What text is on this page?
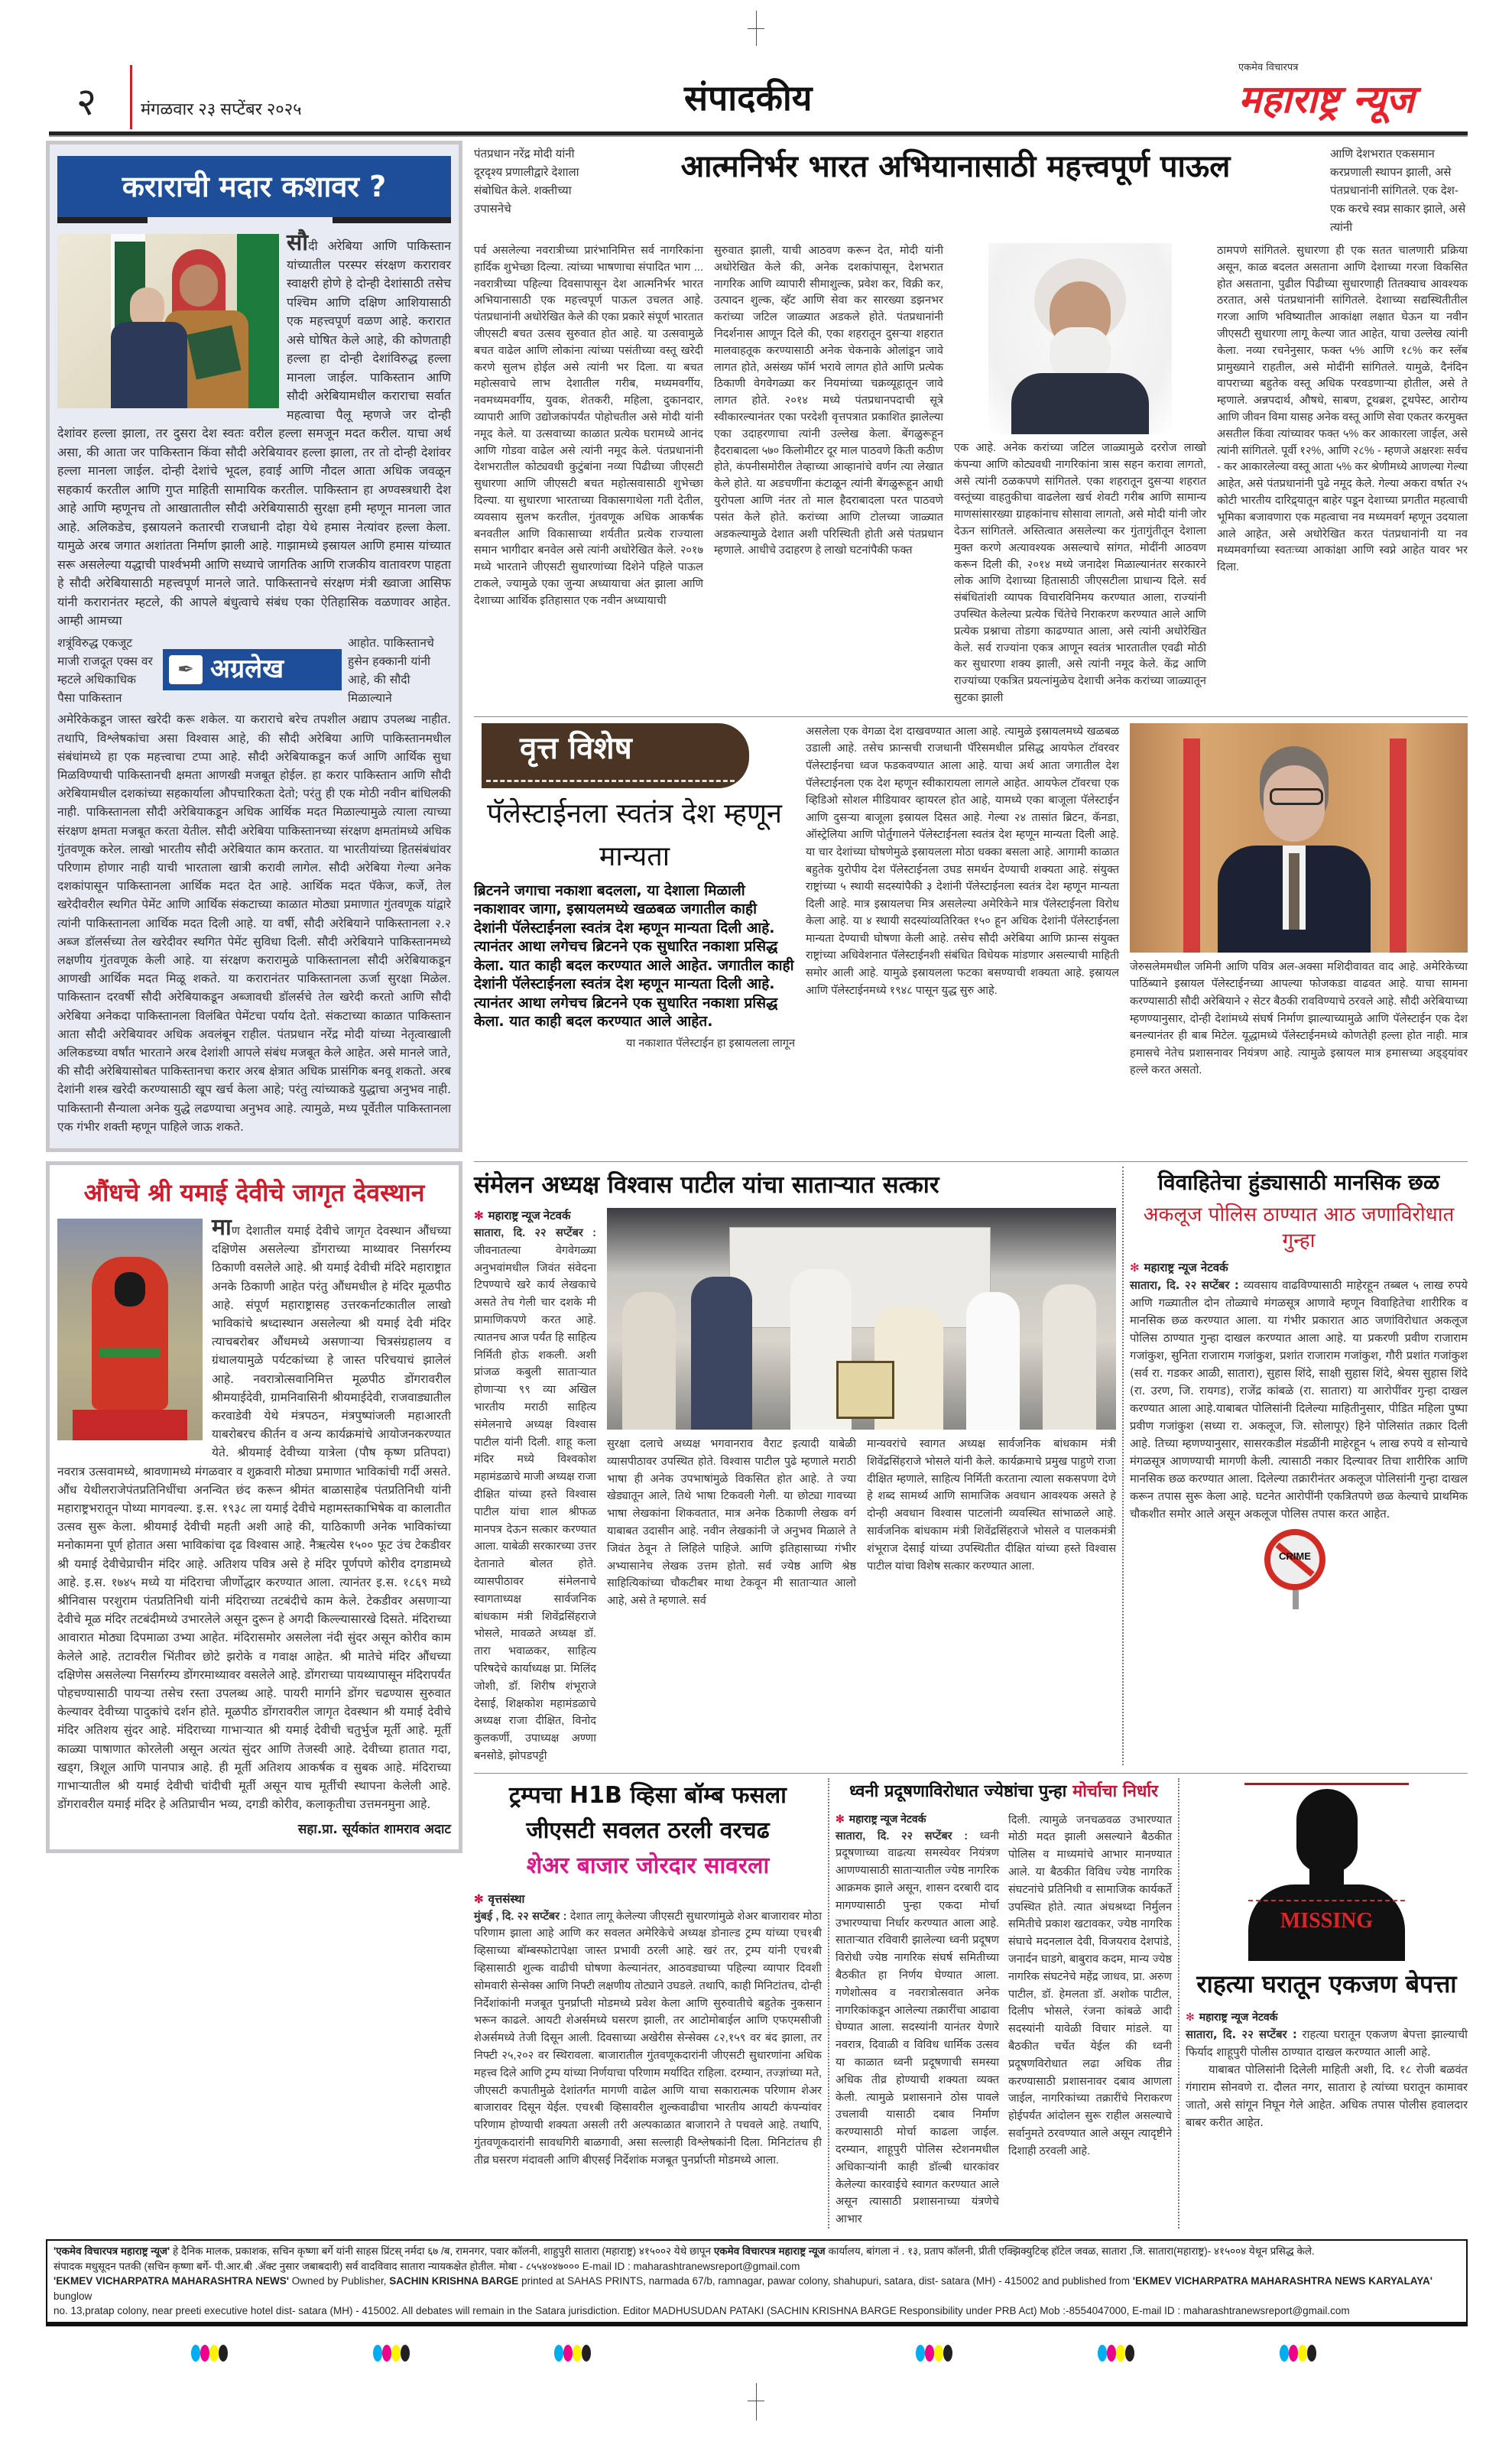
२	मंगळवार २३ सप्टेंबर २०२५	संपादकीय
एकमेव विचारपत्र
महाराष्ट्र न्यूज
कराराची मदार कशावर ?
सौदी अरेबिया आणि पाकिस्तान यांच्यातील परस्पर संरक्षण करारावर स्वाक्षरी होणे हे दोन्ही देशांसाठी तसेच पश्चिम आणि दक्षिण आशियासाठी एक महत्त्वपूर्ण वळण आहे. करारात असे घोषित केले आहे, की कोणताही हल्ला हा दोन्ही देशांविरुद्ध हल्ला मानला जाईल. पाकिस्तान आणि सौदी अरेबियामधील कराराचा सर्वात महत्वाचा पैलू म्हणजे जर दोन्ही देशांवर हल्ला झाला, तर दुसरा देश स्वतः वरील हल्ला समजून मदत करील. याचा अर्थ असा, की आता जर पाकिस्तान किंवा सौदी अरेबियावर हल्ला झाला, तर तो दोन्ही देशांवर हल्ला मानला जाईल. दोन्ही देशांचे भूदल, हवाई आणि नौदल आता अधिक जवळून सहकार्य करतील आणि गुप्त माहिती सामायिक करतील. पाकिस्तान हा अण्वस्त्रधारी देश आहे आणि म्हणूनच तो आखातातील सौदी अरेबियासाठी सुरक्षा हमी म्हणून मानला जात आहे. अलिकडेच, इस्रायलने कतारची राजधानी दोहा येथे हमास नेत्यांवर हल्ला केला. यामुळे अरब जगात अशांतता निर्माण झाली आहे. गाझामध्ये इस्रायल आणि हमास यांच्यात सरू असलेल्या यद्धाची पार्श्वभमी आणि सध्याचे जागतिक आणि राजकीय वातावरण पाहता हे सौदी अरेबियासाठी महत्त्वपूर्ण मानले जाते. पाकिस्तानचे संरक्षण मंत्री ख्वाजा आसिफ यांनी करारानंतर म्हटले, की आपले बंधुत्वाचे संबंध एका ऐतिहासिक वळणावर आहेत. आम्ही आमच्या
शत्रूंविरुद्ध एकजूट माजी राजदूत एक्स वर म्हटले अधिकाधिक पैसा पाकिस्तान
✒ अग्रलेख
आहोत. पाकिस्तानचे हुसेन हक्कानी यांनी आहे, की सौदी मिळाल्याने
अमेरिकेकडून जास्त खरेदी करू शकेल. या कराराचे बरेच तपशील अद्याप उपलब्ध नाहीत. तथापि, विश्लेषकांचा असा विश्वास आहे, की सौदी अरेबिया आणि पाकिस्तानमधील संबंधांमध्ये हा एक महत्त्वाचा टप्पा आहे. सौदी अरेबियाकडून कर्ज आणि आर्थिक सुधा मिळविण्याची पाकिस्तानची क्षमता आणखी मजबूत होईल. हा करार पाकिस्तान आणि सौदी अरेबियामधील दशकांच्या सहकार्याला औपचारिकता देतो; परंतु ही एक मोठी नवीन बांधिलकी नाही. पाकिस्तानला सौदी अरेबियाकडून अधिक आर्थिक मदत मिळाल्यामुळे त्याला त्याच्या संरक्षण क्षमता मजबूत करता येतील. सौदी अरेबिया पाकिस्तानच्या संरक्षण क्षमतांमध्ये अधिक गुंतवणूक करेल. लाखो भारतीय सौदी अरेबियात काम करतात. या भारतीयांच्या हितसंबंधांवर परिणाम होणार नाही याची भारताला खात्री करावी लागेल. सौदी अरेबिया गेल्या अनेक दशकांपासून पाकिस्तानला आर्थिक मदत देत आहे. आर्थिक मदत पॅकेज, कर्जे, तेल खरेदीवरील स्थगित पेमेंट आणि आर्थिक संकटाच्या काळात मोठ्या प्रमाणात गुंतवणूक यांद्वारे त्यांनी पाकिस्तानला आर्थिक मदत दिली आहे. या वर्षी, सौदी अरेबियाने पाकिस्तानला २.२ अब्ज डॉलर्सच्या तेल खरेदीवर स्थगित पेमेंट सुविधा दिली. सौदी अरेबियाने पाकिस्तानमध्ये लक्षणीय गुंतवणूक केली आहे. या संरक्षण करारामुळे पाकिस्तानला सौदी अरेबियाकडून आणखी आर्थिक मदत मिळू शकते. या करारानंतर पाकिस्तानला ऊर्जा सुरक्षा मिळेल. पाकिस्तान दरवर्षी सौदी अरेबियाकडून अब्जावधी डॉलर्सचे तेल खरेदी करतो आणि सौदी अरेबिया अनेकदा पाकिस्तानला विलंबित पेमेंटचा पर्याय देतो. संकटाच्या काळात पाकिस्तान आता सौदी अरेबियावर अधिक अवलंबून राहील. पंतप्रधान नरेंद्र मोदी यांच्या नेतृत्वाखाली अलिकडच्या वर्षांत भारताने अरब देशांशी आपले संबंध मजबूत केले आहेत. असे मानले जाते, की सौदी अरेबियासोबत पाकिस्तानचा करार अरब क्षेत्रात अधिक प्रासंगिक बनवू शकतो. अरब देशांनी शस्त्र खरेदी करण्यासाठी खूप खर्च केला आहे; परंतु त्यांच्याकडे युद्धाचा अनुभव नाही. पाकिस्तानी सैन्याला अनेक युद्धे लढण्याचा अनुभव आहे. त्यामुळे, मध्य पूर्वेतील पाकिस्तानला एक गंभीर शक्ती म्हणून पाहिले जाऊ शकते.
पंतप्रधान नरेंद्र मोदी यांनी दूरदृश्य प्रणालीद्वारे देशाला संबोधित केले. शक्तीच्या उपासनेचे
आत्मनिर्भर भारत अभियानासाठी महत्त्वपूर्ण पाऊल	आणि देशभरात एकसमान करप्रणाली स्थापन झाली, असे पंतप्रधानांनी सांगितले. एक देश-एक करचे स्वप्न साकार झाले, असे त्यांनी
पर्व असलेल्या नवरात्रीच्या प्रारंभानिमित्त सर्व नागरिकांना हार्दिक शुभेच्छा दिल्या. त्यांच्या भाषणाचा संपादित भाग ... नवरात्रीच्या पहिल्या दिवसापासून देश आत्मनिर्भर भारत अभियानासाठी एक महत्त्वपूर्ण पाऊल उचलत आहे. पंतप्रधानांनी अधोरेखित केले की एका प्रकारे संपूर्ण भारतात जीएसटी बचत उत्सव सुरुवात होत आहे. या उत्सवामुळे बचत वाढेल आणि लोकांना त्यांच्या पसंतीच्या वस्तू खरेदी करणे सुलभ होईल असे त्यांनी भर दिला. या बचत महोत्सवाचे लाभ देशातील गरीब, मध्यमवर्गीय, नवमध्यमवर्गीय, युवक, शेतकरी, महिला, दुकानदार, व्यापारी आणि उद्योजकांपर्यंत पोहोचतील असे मोदी यांनी नमूद केले. या उत्सवाच्या काळात प्रत्येक घरामध्ये आनंद आणि गोडवा वाढेल असे त्यांनी नमूद केले. पंतप्रधानांनी देशभरातील कोट्यवधी कुटुंबांना नव्या पिढीच्या जीएसटी सुधारणा आणि जीएसटी बचत महोत्सवासाठी शुभेच्छा दिल्या. या सुधारणा भारताच्या विकासगाथेला गती देतील, व्यवसाय सुलभ करतील, गुंतवणूक अधिक आकर्षक बनवतील आणि विकासाच्या शर्यतीत प्रत्येक राज्याला समान भागीदार बनवेल असे त्यांनी अधोरेखित केले. २०१७ मध्ये भारताने जीएसटी सुधारणांच्या दिशेने पहिले पाऊल टाकले, ज्यामुळे एका जुन्या अध्यायाचा अंत झाला आणि देशाच्या आर्थिक इतिहासात एक नवीन अध्यायाची
सुरुवात झाली, याची आठवण करून देत, मोदी यांनी अधोरेखित केले की, अनेक दशकांपासून, देशभरात नागरिक आणि व्यापारी सीमाशुल्क, प्रवेश कर, विक्री कर, उत्पादन शुल्क, व्हॅट आणि सेवा कर सारख्या डझनभर करांच्या जटिल जाळ्यात अडकले होते. पंतप्रधानांनी निदर्शनास आणून दिले की, एका शहरातून दुसऱ्या शहरात मालवाहतूक करण्यासाठी अनेक चेकनाके ओलांडून जावे लागत होते, असंख्य फॉर्म भरावे लागत होते आणि प्रत्येक ठिकाणी वेगवेगळ्या कर नियमांच्या चक्रव्यूहातून जावे लागत होते. २०१४ मध्ये पंतप्रधानपदाची सूत्रे स्वीकारल्यानंतर एका परदेशी वृत्तपत्रात प्रकाशित झालेल्या एका उदाहरणाचा त्यांनी उल्लेख केला. बेंगळुरूहून हैदराबादला ५७० किलोमीटर दूर माल पाठवणे किती कठीण होते, कंपनीसमोरील तेव्हाच्या आव्हानांचे वर्णन त्या लेखात केले होते. या अडचणींना कंटाळून त्यांनी बेंगळुरूहून आधी युरोपला आणि नंतर तो माल हैदराबादला परत पाठवणे पसंत केले होते. करांच्या आणि टोलच्या जाळ्यात अडकल्यामुळे देशात अशी परिस्थिती होती असे पंतप्रधान म्हणाले. आधीचे उदाहरण हे लाखो घटनांपैकी फक्त
एक आहे. अनेक करांच्या जटिल जाळ्यामुळे दररोज लाखो कंपन्या आणि कोट्यवधी नागरिकांना त्रास सहन करावा लागतो, असे त्यांनी ठळकपणे सांगितले. एका शहरातून दुसऱ्या शहरात वस्तूंच्या वाहतुकीचा वाढलेला खर्च शेवटी गरीब आणि सामान्य माणसांसारख्या ग्राहकांनाच सोसावा लागतो, असे मोदी यांनी जोर देऊन सांगितले. अस्तित्वात असलेल्या कर गुंतागुंतीतून देशाला मुक्त करणे अत्यावश्यक असल्याचे सांगत, मोदींनी आठवण करून दिली की, २०१४ मध्ये जनादेश मिळाल्यानंतर सरकारने लोक आणि देशाच्या हितासाठी जीएसटीला प्राधान्य दिले. सर्व संबंधितांशी व्यापक विचारविनिमय करण्यात आला, राज्यांनी उपस्थित केलेल्या प्रत्येक चिंतेचे निराकरण करण्यात आले आणि प्रत्येक प्रश्नाचा तोडगा काढण्यात आला, असे त्यांनी अधोरेखित केले. सर्व राज्यांना एकत्र आणून स्वतंत्र भारतातील एवढी मोठी कर सुधारणा शक्य झाली, असे त्यांनी नमूद केले. केंद्र आणि राज्यांच्या एकत्रित प्रयत्नांमुळेच देशाची अनेक करांच्या जाळ्यातून सुटका झाली
ठामपणे सांगितले. सुधारणा ही एक सतत चालणारी प्रक्रिया असून, काळ बदलत असताना आणि देशाच्या गरजा विकसित होत असताना, पुढील पिढीच्या सुधारणाही तितक्याच आवश्यक ठरतात, असे पंतप्रधानांनी सांगितले. देशाच्या सद्यस्थितीतील गरजा आणि भविष्यातील आकांक्षा लक्षात घेऊन या नवीन जीएसटी सुधारणा लागू केल्या जात आहेत, याचा उल्लेख त्यांनी केला. नव्या रचनेनुसार, फक्त ५% आणि १८% कर स्लॅब प्रामुख्याने राहतील, असे मोदींनी सांगितले. यामुळे, दैनंदिन वापराच्या बहुतेक वस्तू अधिक परवडणाऱ्या होतील, असे ते म्हणाले. अन्नपदार्थ, औषधे, साबण, टूथब्रश, टूथपेस्ट, आरोग्य आणि जीवन विमा यासह अनेक वस्तू आणि सेवा एकतर करमुक्त असतील किंवा त्यांच्यावर फक्त ५% कर आकारला जाईल, असे त्यांनी सांगितले. पूर्वी १२%, आणि २८% - म्हणजे अक्षरशः सर्वच - कर आकारलेल्या वस्तू आता ५% कर श्रेणीमध्ये आणल्या गेल्या आहेत, असे पंतप्रधानांनी पुढे नमूद केले. गेल्या अकरा वर्षात २५ कोटी भारतीय दारिद्र्यातून बाहेर पडून देशाच्या प्रगतीत महत्वाची भूमिका बजावणारा एक महत्वाचा नव मध्यमवर्ग म्हणून उदयाला आले आहेत, असे अधोरेखित करत पंतप्रधानांनी या नव मध्यमवर्गाच्या स्वतःच्या आकांक्षा आणि स्वप्ने आहेत यावर भर दिला.
वृत्त विशेष
पॅलेस्टाईनला स्वतंत्र देश म्हणून मान्यता
ब्रिटनने जगाचा नकाशा बदलला, या देशाला मिळाली नकाशावर जागा, इस्रायलमध्ये खळबळ जगातील काही देशांनी पॅलेस्टाईनला स्वतंत्र देश म्हणून मान्यता दिली आहे. त्यानंतर आथा लगेचच ब्रिटनने एक सुधारित नकाशा प्रसिद्ध केला. यात काही बदल करण्यात आले आहेत. जगातील काही देशांनी पॅलेस्टाईनला स्वतंत्र देश म्हणून मान्यता दिली आहे. त्यानंतर आथा लगेचच ब्रिटनने एक सुधारित नकाशा प्रसिद्ध केला. यात काही बदल करण्यात आले आहेत.
या नकाशात पॅलेस्टाईन हा इस्रायलला लागून
असलेला एक वेगळा देश दाखवण्यात आला आहे. त्यामुळे इस्रायलमध्ये खळबळ उडाली आहे. तसेच फ्रान्सची राजधानी पॅरिसमधील प्रसिद्ध आयफेल टॉवरवर पॅलेस्टाईनचा ध्वज फडकवण्यात आला आहे. याचा अर्थ आता जगातील देश पॅलेस्टाईनला एक देश म्हणून स्वीकारायला लागले आहेत. आयफेल टॉवरचा एक व्हिडिओ सोशल मीडियावर व्हायरल होत आहे, यामध्ये एका बाजूला पॅलेस्टाईन आणि दुसऱ्या बाजूला इस्रायल दिसत आहे. गेल्या २४ तासांत ब्रिटन, कॅनडा, ऑस्ट्रेलिया आणि पोर्तुगालने पॅलेस्टाईनला स्वतंत्र देश म्हणून मान्यता दिली आहे. या चार देशांच्या घोषणेमुळे इस्रायलला मोठा धक्का बसला आहे. आगामी काळात बहुतेक युरोपीय देश पॅलेस्टाईनला उघड समर्थन देण्याची शक्यता आहे. संयुक्त राष्ट्रांच्या ५ स्थायी सदस्यांपैकी ३ देशांनी पॅलेस्टाईनला स्वतंत्र देश म्हणून मान्यता दिली आहे. मात्र इस्रायलचा मित्र असलेल्या अमेरिकेने मात्र पॅलेस्टाईनला विरोध केला आहे. या ४ स्थायी सदस्यांव्यतिरिक्त १५० हून अधिक देशांनी पॅलेस्टाईनला मान्यता देण्याची घोषणा केली आहे. तसेच सौदी अरेबिया आणि फ्रान्स संयुक्त राष्ट्रांच्या अधिवेशनात पॅलेस्टाईनशी संबंधित विधेयक मांडणार असल्याची माहिती समोर आली आहे. यामुळे इस्रायलला फटका बसण्याची शक्यता आहे. इस्रायल आणि पॅलेस्टाईनमध्ये १९४८ पासून युद्ध सुरु आहे.
जेरुसलेममधील जमिनी आणि पवित्र अल-अक्सा मशिदीवावत वाद आहे. अमेरिकेच्या पाठिंब्याने इस्रायल पॅलेस्टाईनच्या आपल्या फोजकडा वाढवत आहे. याचा सामना करण्यासाठी सौदी अरेबियाने २ सेटर बैठकी रावविण्याचे ठरवले आहे. सौदी अरेबियाच्या म्हणण्यानुसार, दोन्ही देशांमध्ये संघर्ष निर्माण झाल्याच्यामुळे आणि पॅलेस्टाईन एक देश बनल्यानंतर ही बाब मिटेल. यूद्धामध्ये पॅलेस्टाईनमध्ये कोणतेही हल्ला होत नाही. मात्र हमासचे नेतेच प्रशासनावर नियंत्रण आहे. त्यामुळे इस्रायल मात्र हमासच्या अड्ड्यांवर हल्ले करत असतो.
औंधचे श्री यमाई देवीचे जागृत देवस्थान
माण देशातील यमाई देवीचे जागृत देवस्थान औंधच्या दक्षिणेस असलेल्या डोंगराच्या माथ्यावर निसर्गरम्य ठिकाणी वसलेले आहे. श्री यमाई देवीची मंदिरे महाराष्ट्रात अनके ठिकाणी आहेत परंतु औंधमधील हे मंदिर मूळपीठ आहे. संपूर्ण महाराष्ट्रासह उत्तरकर्नाटकातील लाखो भाविकांचे श्रध्दास्थान असलेल्या श्री यमाई देवी मंदिर त्याचबरोबर औंधमध्ये असणाऱ्या चित्रसंग्रहालय व ग्रंथालयामुळे पर्यटकांच्या हे जास्त परिचयाचं झालेलं आहे. नवरात्रोत्सवानिमित्त मूळपीठ डोंगरावरील श्रीमयाईदेवी, ग्रामनिवासिनी श्रीयमाईदेवी, राजवाड्यातील करवाडेवी येथे मंत्रपठन, मंत्रपुष्पांजली महाआरती याबरोबरच कीर्तन व अन्य कार्यक्रमांचे आयोजनकरण्यात येते. श्रीयमाई देवीच्या यात्रेला (पौष कृष्ण प्रतिपदा) नवरात्र उत्सवामध्ये, श्रावणामध्ये मंगळवार व शुक्रवारी मोठ्या प्रमाणात भाविकांची गर्दी असते. औंध येथीलराजेपंतप्रतिनिधींचा अनन्वित छंद करून श्रीमंत बाळासाहेब पंतप्रतिनिधी यांनी महाराष्ट्रभरातून पोथ्या मागवल्या. इ.स. १९३८ ला यमाई देवीचे महामस्तकाभिषेक वा कालातीत उत्सव सुरू केला. श्रीयमाई देवीची महती अशी आहे की, याठिकाणी अनेक भाविकांच्या मनोकामना पूर्ण होतात असा भाविकांचा दृढ विश्वास आहे. नैऋत्येस १५०० फूट उंच टेकडीवर श्री यमाई देवीचेप्राचीन मंदिर आहे. अतिशय पवित्र असे हे मंदिर पूर्णपणे कोरीव दगडामध्ये आहे. इ.स. १७४५ मध्ये या मंदिराचा जीर्णोद्धार करण्यात आला. त्यानंतर इ.स. १८६९ मध्ये श्रीनिवास परशुराम पंतप्रतिनिधी यांनी मंदिराच्या तटबंदीचे काम केले. टेकडीवर असणाऱ्या देवीचे मूळ मंदिर तटबंदीमध्ये उभारलेले असून दुरून हे अगदी किल्ल्यासारखे दिसते. मंदिराच्या आवारात मोठ्या दिपमाळा उभ्या आहेत. मंदिरासमोर असलेला नंदी सुंदर असून कोरीव काम केलेले आहे. तटावरील भिंतीवर छोटे झरोके व गवाक्ष आहेत. श्री मातेचे मंदिर औंधच्या दक्षिणेस असलेल्या निसर्गरम्य डोंगरमाथ्यावर वसलेले आहे. डोंगराच्या पायथ्यापासून मंदिरापर्यंत पोहचण्यासाठी पायऱ्या तसेच रस्ता उपलब्ध आहे. पायरी मार्गाने डोंगर चढण्यास सुरुवात केल्यावर देवीच्या पादुकांचे दर्शन होते. मूळपीठ डोंगरावरील जागृत देवस्थान श्री यमाई देवीचे मंदिर अतिशय सुंदर आहे. मंदिराच्या गाभाऱ्यात श्री यमाई देवीची चतुर्भुज मूर्ती आहे. मूर्ती काळ्या पाषाणात कोरलेली असून अत्यंत सुंदर आणि तेजस्वी आहे. देवीच्या हातात गदा, खड्ग, त्रिशूल आणि पानपात्र आहे. ही मूर्ती अतिशय आकर्षक व सुबक आहे. मंदिराच्या गाभाऱ्यातील श्री यमाई देवीची चांदीची मूर्ती असून याच मूर्तीची स्थापना केलेली आहे. डोंगरावरील यमाई मंदिर हे अतिप्राचीन भव्य, दगडी कोरीव, कलाकृतीचा उत्तमनमुना आहे.
सहा.प्रा. सूर्यकांत शामराव अदाट
संमेलन अध्यक्ष विश्वास पाटील यांचा साताऱ्यात सत्कार
✻ महाराष्ट्र न्यूज नेटवर्क
सातारा, दि. २२ सप्टेंबर : जीवनातल्या वेगवेगळ्या अनुभवांमधील जिवंत संवेदना टिपण्याचे खरे कार्य लेखकाचे असते तेच गेली चार दशके मी प्रामाणिकपणे करत आहे. त्यातनच आज पर्यंत हि साहित्य निर्मिती होऊ शकली. अशी प्रांजळ कबुली साताऱ्यात होणाऱ्या ९९ व्या अखिल भारतीय मराठी साहित्य संमेलनाचे अध्यक्ष विश्वास पाटील यांनी दिली. शाहू कला मंदिर मध्ये विश्वकोश महामंडळाचे माजी अध्यक्ष राजा दीक्षित यांच्या हस्ते विश्वास पाटील यांचा शाल श्रीफळ मानपत्र देऊन सत्कार करण्यात आला. याबेळी सरकारच्या उत्तर देतानाते बोलत होते. व्यासपीठावर संमेलनाचे स्वागताध्यक्ष सार्वजनिक बांधकाम मंत्री शिवेंद्रसिंहराजे भोसले, मावळते अध्यक्ष डॉ. तारा भवाळकर, साहित्य परिषदेचे कार्याध्यक्ष प्रा. मिलिंद जोशी, डॉ. शिरीष शंभूराजे देसाई, शिक्षकोश महामंडळाचे अध्यक्ष राजा दीक्षित, विनोद कुलकर्णी, उपाध्यक्ष अण्णा बनसोडे, झोपडपट्टी
सुरक्षा दलाचे अध्यक्ष भगवानराव वैराट इत्यादी याबेळी व्यासपीठावर उपस्थित होते. विश्वास पाटील पुढे म्हणाले मराठी भाषा ही अनेक उपभाषांमुळे विकसित होत आहे. ते ज्या खेड्यातून आले, तिथे भाषा टिकवली गेली. या छोट्या गावच्या भाषा लेखकांना शिकवतात, मात्र अनेक ठिकाणी लेखक वर्ग याबाबत उदासीन आहे. नवीन लेखकांनी जे अनुभव मिळाले ते जिवंत ठेवून ते लिहिले पाहिजे. आणि इतिहासाच्या गंभीर अभ्यासानेच लेखक उत्तम होतो. सर्व ज्येष्ठ आणि श्रेष्ठ साहित्यिकांच्या चौकटीबर माथा टेकवून मी साताऱ्यात आलो आहे, असे ते म्हणाले. सर्व
मान्यवरांचे स्वागत अध्यक्ष सार्वजनिक बांधकाम मंत्री शिवेंद्रसिंहराजे भोसले यांनी केले. कार्यक्रमाचे प्रमुख पाहुणे राजा दीक्षित म्हणाले, साहित्य निर्मिती करताना त्याला सकसपणा देणे हे शब्द सामर्थ्य आणि सामाजिक अवधान आवश्यक असते हे दोन्ही अवधान विश्वास पाटलांनी व्यवस्थित सांभाळले आहे. सार्वजनिक बांधकाम मंत्री शिवेंद्रसिंहराजे भोसले व पालकमंत्री शंभूराज देसाई यांच्या उपस्थितीत दीक्षित यांच्या हस्ते विश्वास पाटील यांचा विशेष सत्कार करण्यात आला.
विवाहितेचा हुंड्यासाठी मानसिक छळ
अकलूज पोलिस ठाण्यात आठ जणाविरोधात गुन्हा
✻ महाराष्ट्र न्यूज नेटवर्क
सातारा, दि. २२ सप्टेंबर : व्यवसाय वाढविण्यासाठी माहेरहून तब्बल ५ लाख रुपये आणि गळ्यातील दोन तोळ्याचे मंगळसूत्र आणावे म्हणून विवाहितेचा शारीरिक व मानसिक छळ करण्यात आला. या गंभीर प्रकारात आठ जणांविरोधात अकलूज पोलिस ठाण्यात गुन्हा दाखल करण्यात आला आहे. या प्रकरणी प्रवीण राजाराम गजांकुश, सुनिता राजाराम गजांकुश, प्रशांत राजाराम गजांकुश, गौरी प्रशांत गजांकुश (सर्व रा. गडकर आळी, सातारा), सुहास शिंदे, साक्षी सुहास शिंदे, श्रेयस सुहास शिंदे (रा. उरण, जि. रायगड), राजेंद्र कांबळे (रा. सातारा) या आरोपींवर गुन्हा दाखल करण्यात आला आहे.याबाबत पोलिसांनी दिलेल्या माहितीनुसार, पीडित महिला पुष्पा प्रवीण गजांकुश (सध्या रा. अकलूज, जि. सोलापूर) हिने पोलिसांत तक्रार दिली आहे. तिच्या म्हणण्यानुसार, सासरकडील मंडळींनी माहेरहून ५ लाख रुपये व सोन्याचे मंगळसूत्र आणण्याची मागणी केली. त्यासाठी नकार दिल्यावर तिचा शारीरिक आणि मानसिक छळ करण्यात आला. दिलेल्या तक्रारीनंतर अकलूज पोलिसांनी गुन्हा दाखल करून तपास सुरू केला आहे. घटनेत आरोपींनी एकत्रितपणे छळ केल्याचे प्राथमिक चौकशीत समोर आले असून अकलूज पोलिस तपास करत आहेत.
CRIME
ट्रम्पचा H1B व्हिसा बॉम्ब फसला
जीएसटी सवलत ठरली वरचढ
शेअर बाजार जोरदार सावरला
✻ वृत्तसंस्था
मुंबई , दि. २२ सप्टेंबर : देशात लागू केलेल्या जीएसटी सुधारणांमुळे शेअर बाजारावर मोठा परिणाम झाला आहे आणि कर सवलत अमेरिकेचे अध्यक्ष डोनाल्ड ट्रम्प यांच्या एच१बी व्हिसाच्या बॉम्बस्फोटापेक्षा जास्त प्रभावी ठरली आहे. खरं तर, ट्रम्प यांनी एच१बी व्हिसासाठी शुल्क वाढीची घोषणा केल्यानंतर, आठवड्याच्या पहिल्या व्यापार दिवशी सोमवारी सेन्सेक्स आणि निफ्टी लक्षणीय तोट्याने उघडले. तथापि, काही मिनिटांतच, दोन्ही निर्देशांकांनी मजबूत पुनर्प्राप्ती मोडमध्ये प्रवेश केला आणि सुरुवातीचे बहुतेक नुकसान भरून काढले. आयटी शेअर्समध्ये घसरण झाली, तर आटोमोबाईल आणि एफएमसीजी शेअर्समध्ये तेजी दिसून आली. दिवसाच्या अखेरीस सेन्सेक्स ८२,१५९ वर बंद झाला, तर निफ्टी २५,२०२ वर स्थिरावला. बाजारातील गुंतवणूकदारांनी जीएसटी सुधारणांना अधिक महत्त्व दिले आणि ट्रम्प यांच्या निर्णयाचा परिणाम मर्यादित राहिला. दरम्यान, तज्ज्ञांच्या मते, जीएसटी कपातीमुळे देशांतर्गत मागणी वाढेल आणि याचा सकारात्मक परिणाम शेअर बाजारावर दिसून येईल. एच१बी व्हिसावरील शुल्कवाढीचा भारतीय आयटी कंपन्यांवर परिणाम होण्याची शक्यता असली तरी अल्पकाळात बाजाराने ते पचवले आहे. तथापि, गुंतवणूकदारांनी सावधगिरी बाळगावी, असा सल्लाही विश्लेषकांनी दिला. मिनिटांतच ही तीव्र घसरण मंदावली आणि बीएसई निर्देशांक मजबूत पुनर्प्राप्ती मोडमध्ये आला.
ध्वनी प्रदूषणाविरोधात ज्येष्ठांचा पुन्हा मोर्चाचा निर्धार
✻ महाराष्ट्र न्यूज नेटवर्क
सातारा, दि. २२ सप्टेंबर : ध्वनी प्रदूषणाच्या वाढत्या समस्येवर नियंत्रण आणण्यासाठी साताऱ्यातील ज्येष्ठ नागरिक आक्रमक झाले असून, शासन दरबारी दाद मागण्यासाठी पुन्हा एकदा मोर्चा उभारण्याचा निर्धार करण्यात आला आहे. साताऱ्यात रविवारी झालेल्या ध्वनी प्रदूषण विरोधी ज्येष्ठ नागरिक संघर्ष समितीच्या बैठकीत हा निर्णय घेण्यात आला. गणेशोत्सव व नवरात्रोत्सवात अनेक नागरिकांकडून आलेल्या तक्रारींचा आढावा घेण्यात आला. सदस्यांनी यानंतर येणारे नवरात्र, दिवाळी व विविध धार्मिक उत्सव या काळात ध्वनी प्रदूषणाची समस्या अधिक तीव्र होण्याची शक्यता व्यक्त केली. त्यामुळे प्रशासनाने ठोस पावले उचलावी यासाठी दबाव निर्माण करण्यासाठी मोर्चा काढला जाईल. दरम्यान, शाहूपुरी पोलिस स्टेशनमधील अधिकाऱ्यांनी काही डॉल्बी धारकांवर केलेल्या कारवाईचे स्वागत करण्यात आले असून त्यासाठी प्रशासनाच्या यंत्रणेचे आभार
दिली. त्यामुळे जनचळवळ उभारण्यात मोठी मदत झाली असल्याने बैठकीत पोलिस व माध्यमांचे आभार मानण्यात आले. या बैठकीत विविध ज्येष्ठ नागरिक संघटनांचे प्रतिनिधी व सामाजिक कार्यकर्ते उपस्थित होते. त्यात अंधश्रध्दा निर्मुलन समितीचे प्रकाश खटावकर, ज्येष्ठ नागरिक संघाचे मदनलाल देवी, विजयराव देशपांडे, जनार्दन घाडगे, बाबुराव कदम, मान्य ज्येष्ठ नागरिक संघटनेचे महेंद्र जाधव, प्रा. अरुण पाटील, डॉ. हेमलता डॉ. अशोक पाटील, दिलीप भोसले, रंजना कांबळे आदी सदस्यांनी यावेळी विचार मांडले. या बैठकीत चर्चेत येईल की ध्वनी प्रदूषणविरोधात लढा अधिक तीव्र करण्यासाठी प्रशासनावर दबाव आणला जाईल, नागरिकांच्या तक्रारींचे निराकरण होईपर्यंत आंदोलन सुरू राहील असल्याचे सर्वानुमते ठरवण्यात आले असून त्यादृष्टीने दिशाही ठरवली आहे.
MISSING
राहत्या घरातून एकजण बेपत्ता
✻ महाराष्ट्र न्यूज नेटवर्क
सातारा, दि. २२ सप्टेंबर : राहत्या घरातून एकजण बेपत्ता झाल्याची फिर्याद शाहूपुरी पोलीस ठाण्यात दाखल करण्यात आली आहे.

याबाबत पोलिसांनी दिलेली माहिती अशी, दि. १८ रोजी बळवंत गंगाराम सोनवणे रा. दौलत नगर, सातारा हे त्यांच्या घरातून कामावर जातो, असे सांगून निघून गेले आहेत. अधिक तपास पोलीस हवालदार बाबर करीत आहेत.

'एकमेव विचारपत्र महाराष्ट्र न्यूज' हे दैनिक मालक, प्रकाशक, सचिन कृष्णा बर्गे यांनी साहस प्रिंटस् नर्मदा ६७ /ब, रामनगर, पवार कॉलनी, शाहुपुरी सातारा (महाराष्ट्र) ४१५००२ येथे छापून एकमेव विचारपत्र महाराष्ट्र न्यूज कार्यालय, बांगला नं . १३, प्रताप कॉलनी, प्रीती एक्झिक्युटिव्ह हॉटेल जवळ, सातारा ,जि. सातारा(महाराष्ट्र)- ४१५००४ येथून प्रसिद्ध केले.
संपादक मधुसूदन पतकी (सचिन कृष्णा बर्गे- पी.आर.बी .ॲक्ट नुसार जबाबदारी) सर्व वादविवाद सातारा न्यायकक्षेत होतील. मोबा - ८५५४०४७००० E-mail ID : maharashtranewsreport@gmail.com
'EKMEV VICHARPATRA MAHARASHTRA NEWS' Owned by Publisher, SACHIN KRISHNA BARGE printed at SAHAS PRINTS, narmada 67/b, ramnagar, pawar colony, shahupuri, satara, dist- satara (MH) - 415002 and published from 'EKMEV VICHARPATRA MAHARASHTRA NEWS KARYALAYA' bunglow
no. 13,pratap colony, near preeti executive hotel dist- satara (MH) - 415002. All debates will remain in the Satara jurisdiction. Editor MADHUSUDAN PATAKI (SACHIN KRISHNA BARGE Responsibility under PRB Act) Mob :-8554047000, E-mail ID : maharashtranewsreport@gmail.com
